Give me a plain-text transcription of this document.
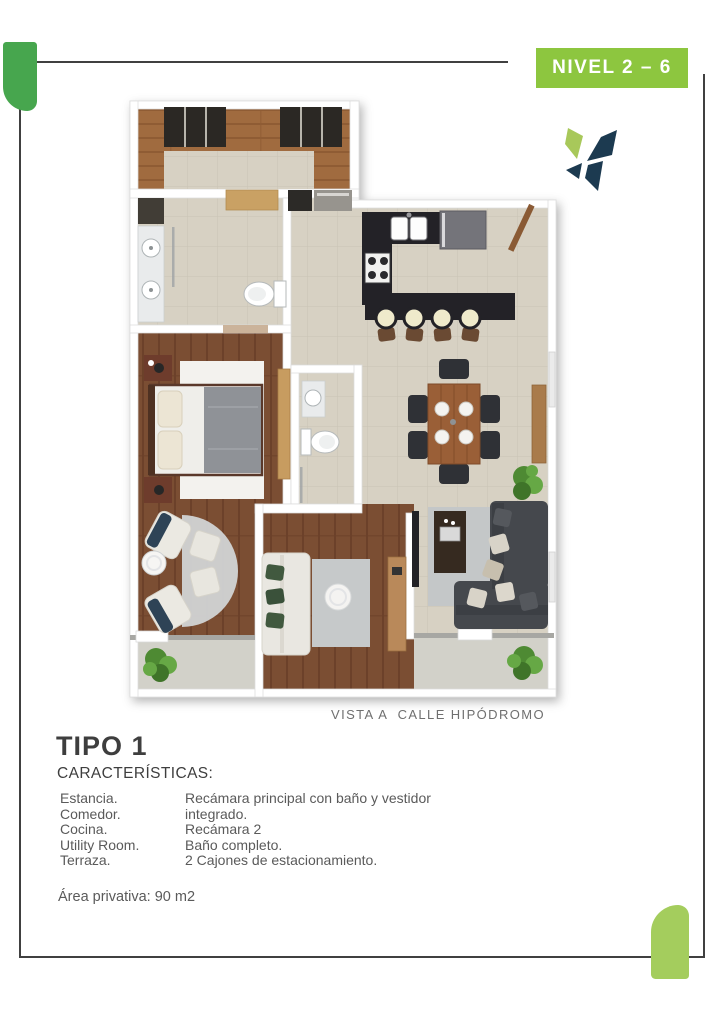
NIVEL 2 – 6
VISTA A  CALLE HIPÓDROMO
TIPO 1
CARACTERÍSTICAS:
Estancia.
Comedor.
Cocina.
Utility Room.
Terraza.
Recámara principal con baño y vestidor integrado.
Recámara 2
Baño completo.
2 Cajones de estacionamiento.
Área privativa: 90 m2
